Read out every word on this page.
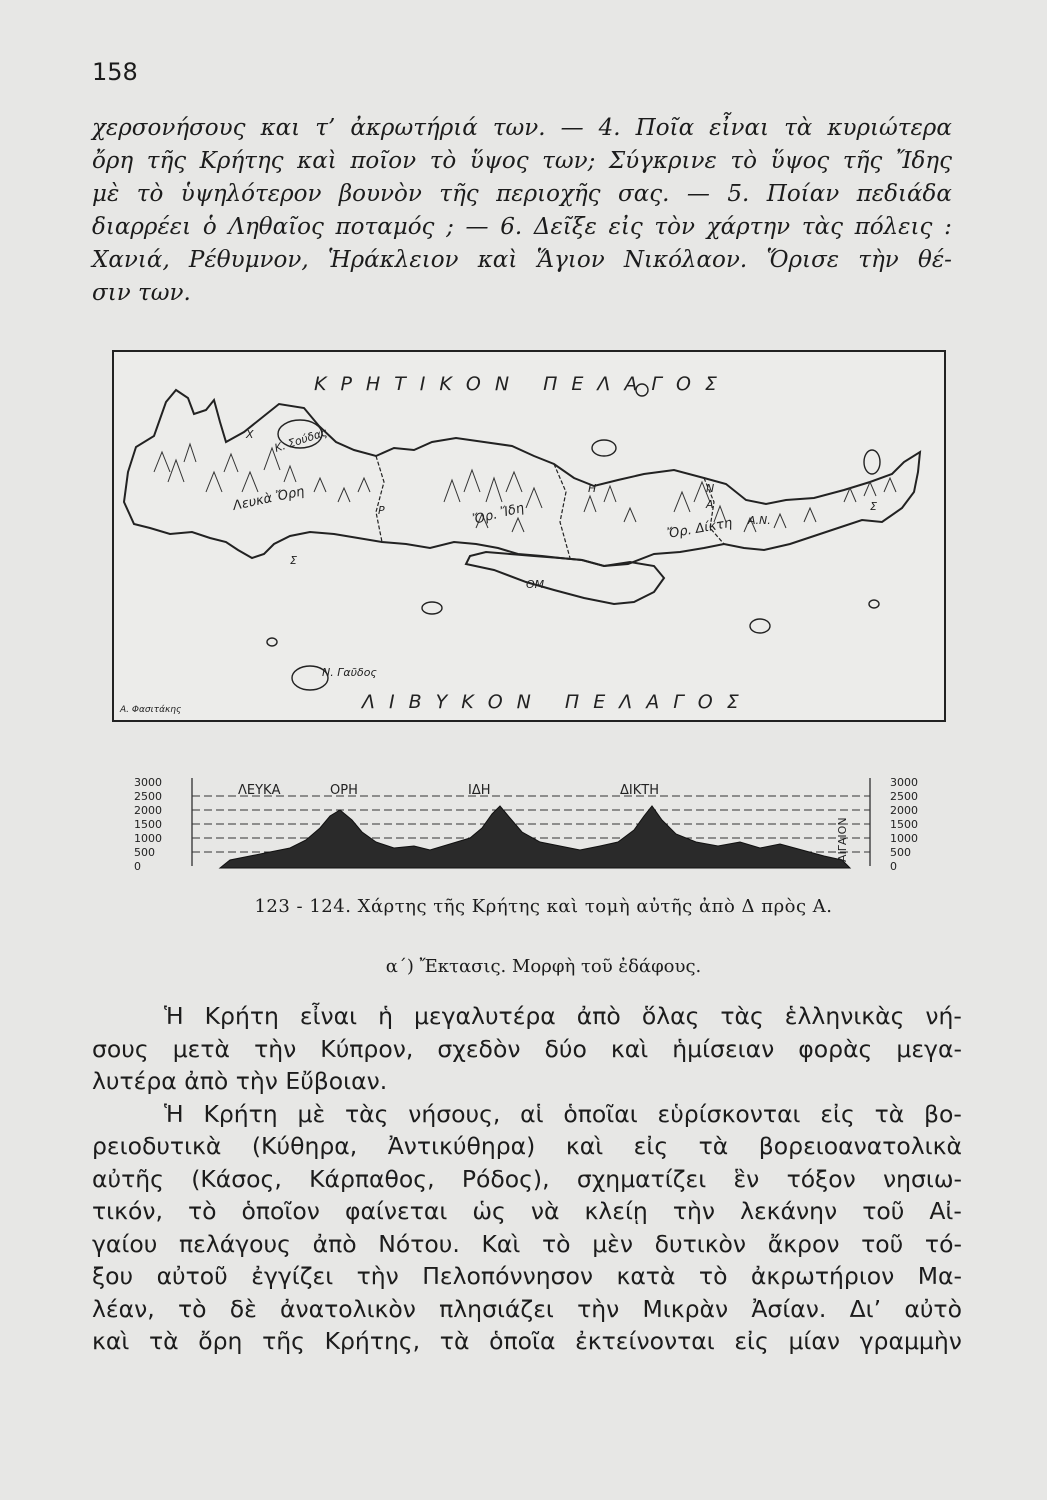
158
χερσονήσους και τ’ ἀκρωτήριά των. — 4. Ποῖα εἶναι τὰ κυριώτερα
ὄρη τῆς Κρήτης καὶ ποῖον τὸ ὕψος των; Σύγκρινε τὸ ὕψος τῆς Ἴδης
μὲ τὸ ὑψηλότερον βουνὸν τῆς περιοχῆς σας. — 5. Ποίαν πεδιάδα
διαρρέει ὁ Ληθαῖος ποταμός ; — 6. Δεῖξε εἰς τὸν χάρτην τὰς πόλεις :
Χανιά, Ρέθυμνον, Ἡράκλειον καὶ Ἅγιον Νικόλαον. Ὅρισε τὴν θέ-
σιν των.
ΚΡΗΤΙΚΟΝ ΠΕΛΑΓΟΣ
ΛΙΒΥΚΟΝ ΠΕΛΑΓΟΣ
Λευκὰ Ὄρη
Ὄρ. Ἴδη
Ὄρ. Δίκτη
Ν. Γαῦδος
Κ. Σούδας
Χ
Ρ
Η	Ν
Α
Α.Ν.
Σ
Σ
ΟΜ
Α. Φασιτάκης
ΛΕΥΚΑ	ΟΡΗ	ΙΔΗ	ΔΙΚΤΗ
ΑΙΓΑΙΟΝ
3000
2500
2000
1500
1000
500
0
3000
2500
2000
1500
1000
500
0
123 - 124. Χάρτης τῆς Κρήτης καὶ τομὴ αὐτῆς ἀπὸ Δ πρὸς Α.
α΄) Ἔκτασις. Μορφὴ τοῦ ἐδάφους.
Ἡ Κρήτη εἶναι ἡ μεγαλυτέρα ἀπὸ ὅλας τὰς ἑλληνικὰς νή-
σους μετὰ τὴν Κύπρον, σχεδὸν δύο καὶ ἡμίσειαν φορὰς μεγα-
λυτέρα ἀπὸ τὴν Εὔβοιαν.
Ἡ Κρήτη μὲ τὰς νήσους, αἱ ὁποῖαι εὑρίσκονται εἰς τὰ βο-
ρειοδυτικὰ (Κύθηρα, Ἀντικύθηρα) καὶ εἰς τὰ βορειοανατολικὰ
αὐτῆς (Κάσος, Κάρπαθος, Ρόδος), σχηματίζει ἓν τόξον νησιω-
τικόν, τὸ ὁποῖον φαίνεται ὡς νὰ κλείῃ τὴν λεκάνην τοῦ Αἰ-
γαίου πελάγους ἀπὸ Νότου. Καὶ τὸ μὲν δυτικὸν ἄκρον τοῦ τό-
ξου αὐτοῦ ἐγγίζει τὴν Πελοπόννησον κατὰ τὸ ἀκρωτήριον Μα-
λέαν, τὸ δὲ ἀνατολικὸν πλησιάζει τὴν Μικρὰν Ἀσίαν. Δι’ αὐτὸ
καὶ τὰ ὄρη τῆς Κρήτης, τὰ ὁποῖα ἐκτείνονται εἰς μίαν γραμμὴν
